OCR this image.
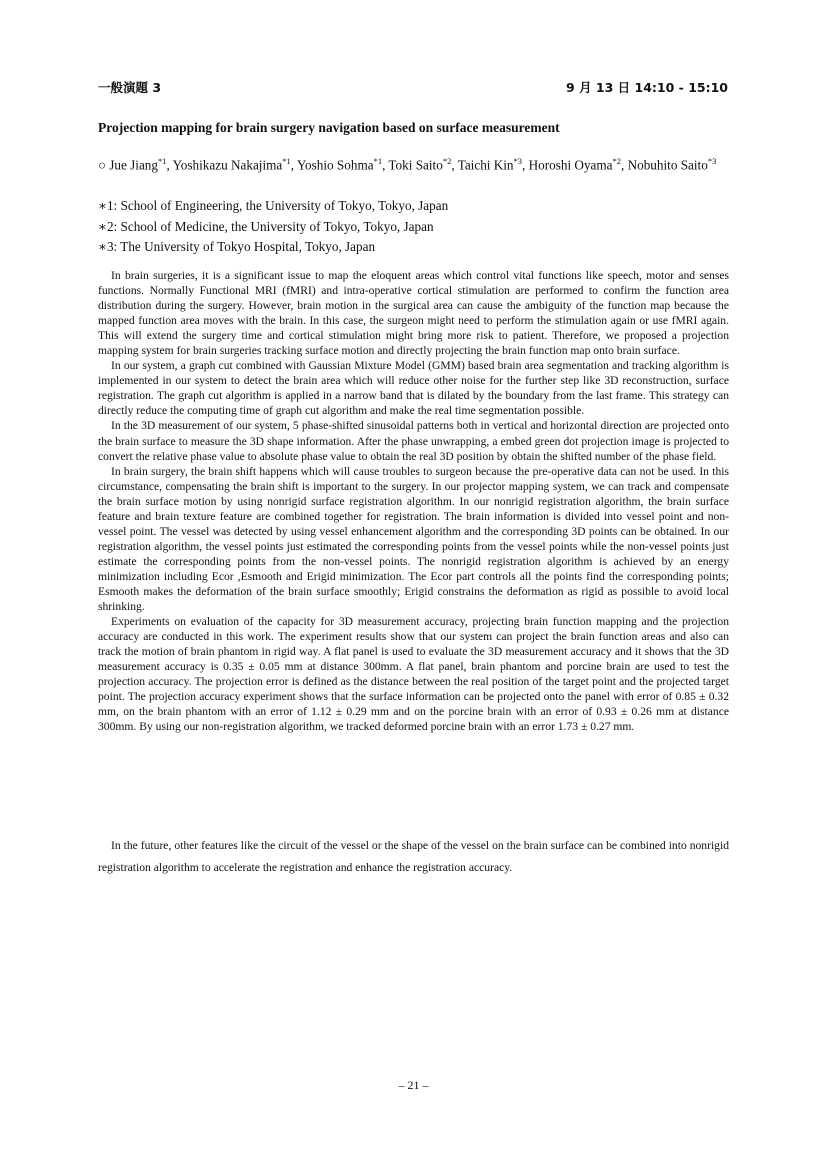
一般演題 3	9 月 13 日 14:10 - 15:10
Projection mapping for brain surgery navigation based on surface measurement
○ Jue Jiang$^{*1}$, Yoshikazu Nakajima$^{*1}$, Yoshio Sohma$^{*1}$, Toki Saito$^{*2}$, Taichi Kin$^{*3}$, Horoshi Oyama$^{*2}$, Nobuhito Saito$^{*3}$
∗1: School of Engineering, the University of Tokyo, Tokyo, Japan
∗2: School of Medicine, the University of Tokyo, Tokyo, Japan
∗3: The University of Tokyo Hospital, Tokyo, Japan

In brain surgeries, it is a significant issue to map the eloquent areas which control vital functions like speech, motor and senses functions. Normally Functional MRI (fMRI) and intra-operative cortical stimulation are performed to confirm the function area distribution during the surgery. However, brain motion in the surgical area can cause the ambiguity of the function map because the mapped function area moves with the brain. In this case, the surgeon might need to perform the stimulation again or use fMRI again. This will extend the surgery time and cortical stimulation might bring more risk to patient. Therefore, we proposed a projection mapping system for brain surgeries tracking surface motion and directly projecting the brain function map onto brain surface.

In our system, a graph cut combined with Gaussian Mixture Model (GMM) based brain area segmentation and tracking algorithm is implemented in our system to detect the brain area which will reduce other noise for the further step like 3D reconstruction, surface registration. The graph cut algorithm is applied in a narrow band that is dilated by the boundary from the last frame. This strategy can directly reduce the computing time of graph cut algorithm and make the real time segmentation possible.

In the 3D measurement of our system, 5 phase-shifted sinusoidal patterns both in vertical and horizontal direction are projected onto the brain surface to measure the 3D shape information. After the phase unwrapping, a embed green dot projection image is projected to convert the relative phase value to absolute phase value to obtain the real 3D position by obtain the shifted number of the phase field.

In brain surgery, the brain shift happens which will cause troubles to surgeon because the pre-operative data can not be used. In this circumstance, compensating the brain shift is important to the surgery. In our projector mapping system, we can track and compensate the brain surface motion by using nonrigid surface registration algorithm. In our nonrigid registration algorithm, the brain surface feature and brain texture feature are combined together for registration. The brain information is divided into vessel point and non-vessel point. The vessel was detected by using vessel enhancement algorithm and the corresponding 3D points can be obtained. In our registration algorithm, the vessel points just estimated the corresponding points from the vessel points while the non-vessel points just estimate the corresponding points from the non-vessel points. The nonrigid registration algorithm is achieved by an energy minimization including Ecor ,Esmooth and Erigid minimization. The Ecor part controls all the points find the corresponding points; Esmooth makes the deformation of the brain surface smoothly; Erigid constrains the deformation as rigid as possible to avoid local shrinking.

Experiments on evaluation of the capacity for 3D measurement accuracy, projecting brain function mapping and the projection accuracy are conducted in this work. The experiment results show that our system can project the brain function areas and also can track the motion of brain phantom in rigid way. A flat panel is used to evaluate the 3D measurement accuracy and it shows that the 3D measurement accuracy is 0.35 ± 0.05 mm at distance 300mm. A flat panel, brain phantom and porcine brain are used to test the projection accuracy. The projection error is defined as the distance between the real position of the target point and the projected target point. The projection accuracy experiment shows that the surface information can be projected onto the panel with error of 0.85 ± 0.32 mm, on the brain phantom with an error of 1.12 ± 0.29 mm and on the porcine brain with an error of 0.93 ± 0.26 mm at distance 300mm. By using our non-registration algorithm, we tracked deformed porcine brain with an error 1.73 ± 0.27 mm.

In the future, other features like the circuit of the vessel or the shape of the vessel on the brain surface can be combined into nonrigid registration algorithm to accelerate the registration and enhance the registration accuracy.

– 21 –
